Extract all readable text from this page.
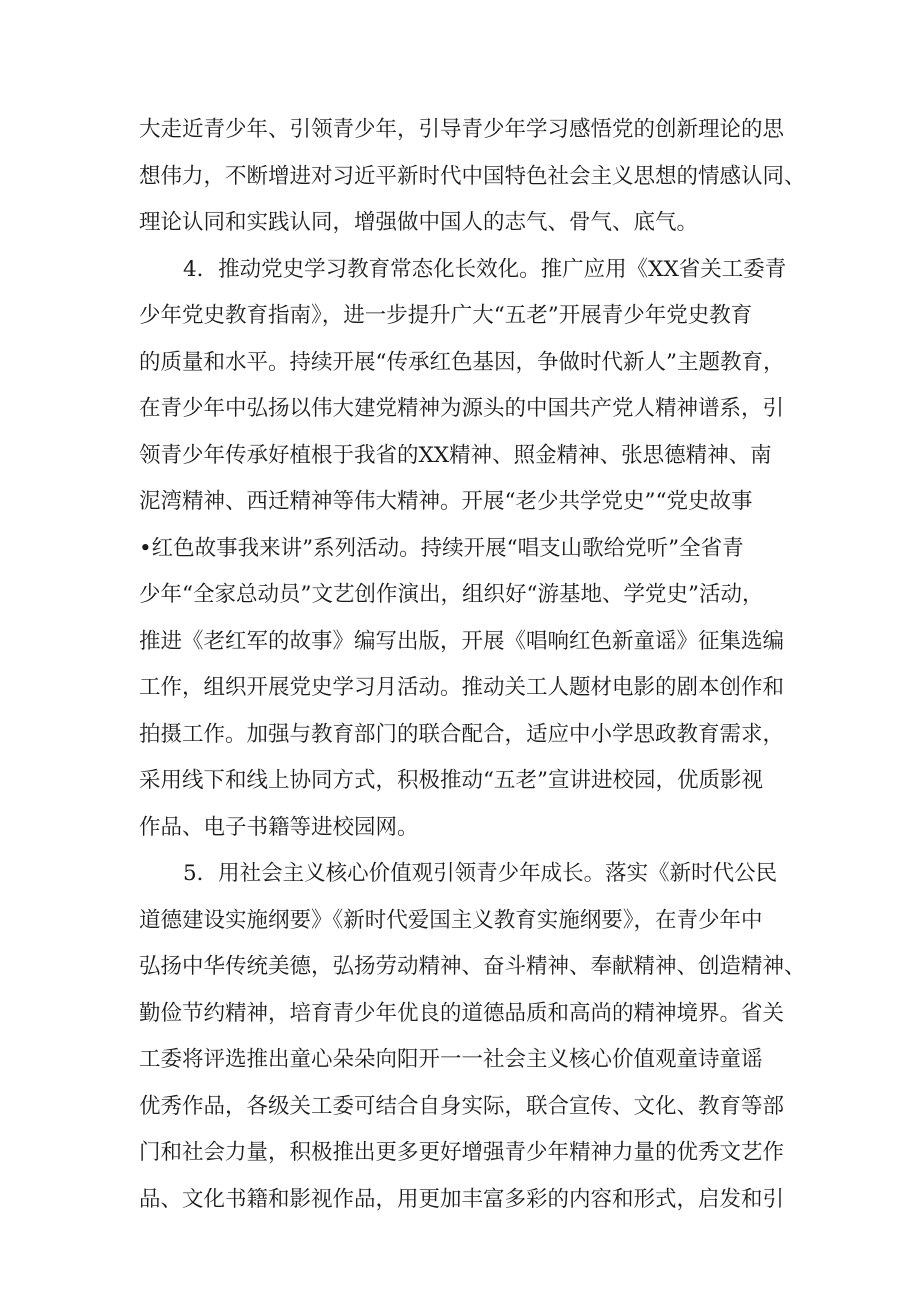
大走近青少年、引领青少年，引导青少年学习感悟党的创新理论的思
想伟力，不断增进对习近平新时代中国特色社会主义思想的情感认同、
理论认同和实践认同，增强做中国人的志气、骨气、底气。
4．推动党史学习教育常态化长效化。推广应用《XX省关工委青
少年党史教育指南》，进一步提升广大“五老”开展青少年党史教育
的质量和水平。持续开展“传承红色基因，争做时代新人”主题教育，
在青少年中弘扬以伟大建党精神为源头的中国共产党人精神谱系，引
领青少年传承好植根于我省的XX精神、照金精神、张思德精神、南
泥湾精神、西迁精神等伟大精神。开展“老少共学党史”“党史故事
•红色故事我来讲”系列活动。持续开展“唱支山歌给党听”全省青
少年“全家总动员”文艺创作演出，组织好“游基地、学党史”活动，
推进《老红军的故事》编写出版，开展《唱响红色新童谣》征集选编
工作，组织开展党史学习月活动。推动关工人题材电影的剧本创作和
拍摄工作。加强与教育部门的联合配合，适应中小学思政教育需求，
采用线下和线上协同方式，积极推动“五老”宣讲进校园，优质影视
作品、电子书籍等进校园网。
5．用社会主义核心价值观引领青少年成长。落实《新时代公民
道德建设实施纲要》《新时代爱国主义教育实施纲要》，在青少年中
弘扬中华传统美德，弘扬劳动精神、奋斗精神、奉献精神、创造精神、
勤俭节约精神，培育青少年优良的道德品质和高尚的精神境界。省关
工委将评选推出童心朵朵向阳开一一社会主义核心价值观童诗童谣
优秀作品，各级关工委可结合自身实际，联合宣传、文化、教育等部
门和社会力量，积极推出更多更好增强青少年精神力量的优秀文艺作
品、文化书籍和影视作品，用更加丰富多彩的内容和形式，启发和引
